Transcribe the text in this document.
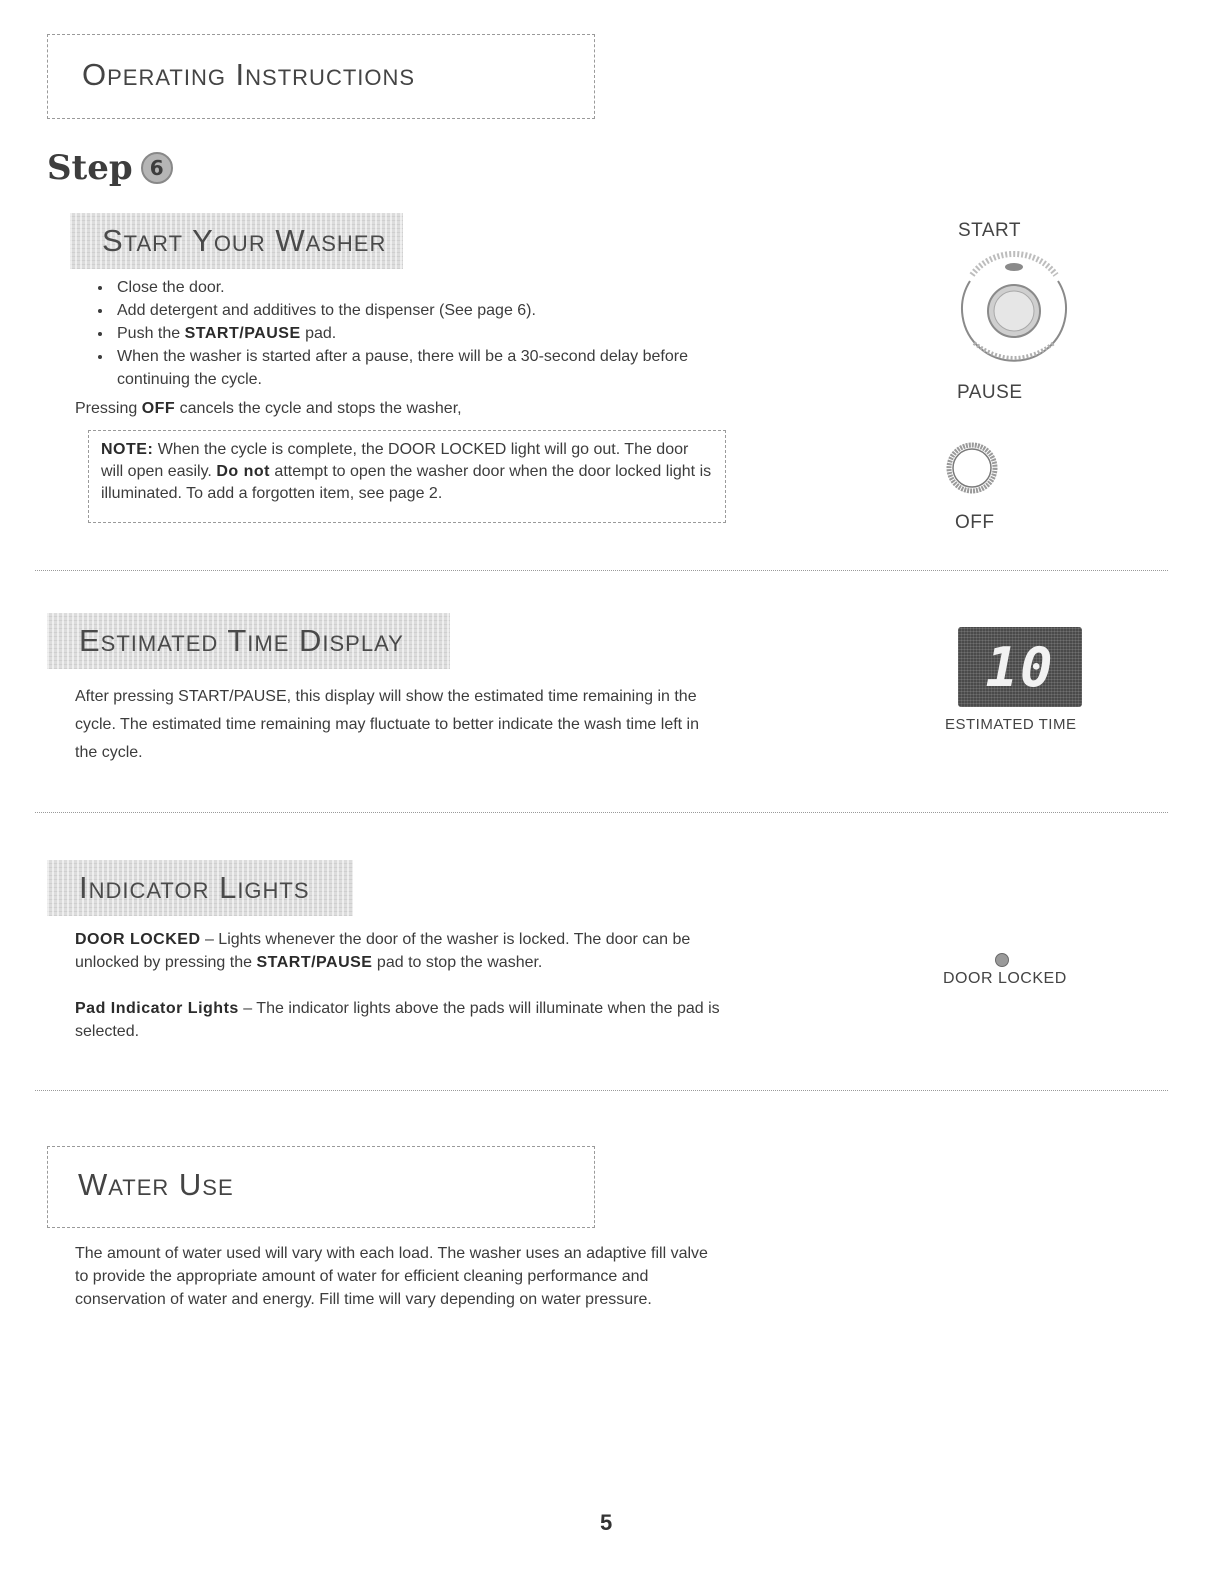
Operating Instructions
Step 6
Start Your Washer
• Close the door.
• Add detergent and additives to the dispenser (See page 6).
• Push the START/PAUSE pad.
• When the washer is started after a pause, there will be a 30-second delay before continuing the cycle.
Pressing OFF cancels the cycle and stops the washer,
NOTE: When the cycle is complete, the DOOR LOCKED light will go out. The door will open easily. Do not attempt to open the washer door when the door locked light is illuminated. To add a forgotten item, see page 2.
START
PAUSE
OFF
Estimated Time Display
After pressing START/PAUSE, this display will show the estimated time remaining in the cycle. The estimated time remaining may fluctuate to better indicate the wash time left in the cycle.
10
ESTIMATED TIME
Indicator Lights
DOOR LOCKED – Lights whenever the door of the washer is locked. The door can be unlocked by pressing the START/PAUSE pad to stop the washer.
Pad Indicator Lights – The indicator lights above the pads will illuminate when the pad is selected.
DOOR LOCKED
Water Use
The amount of water used will vary with each load. The washer uses an adaptive fill valve to provide the appropriate amount of water for efficient cleaning performance and conservation of water and energy. Fill time will vary depending on water pressure.
5
